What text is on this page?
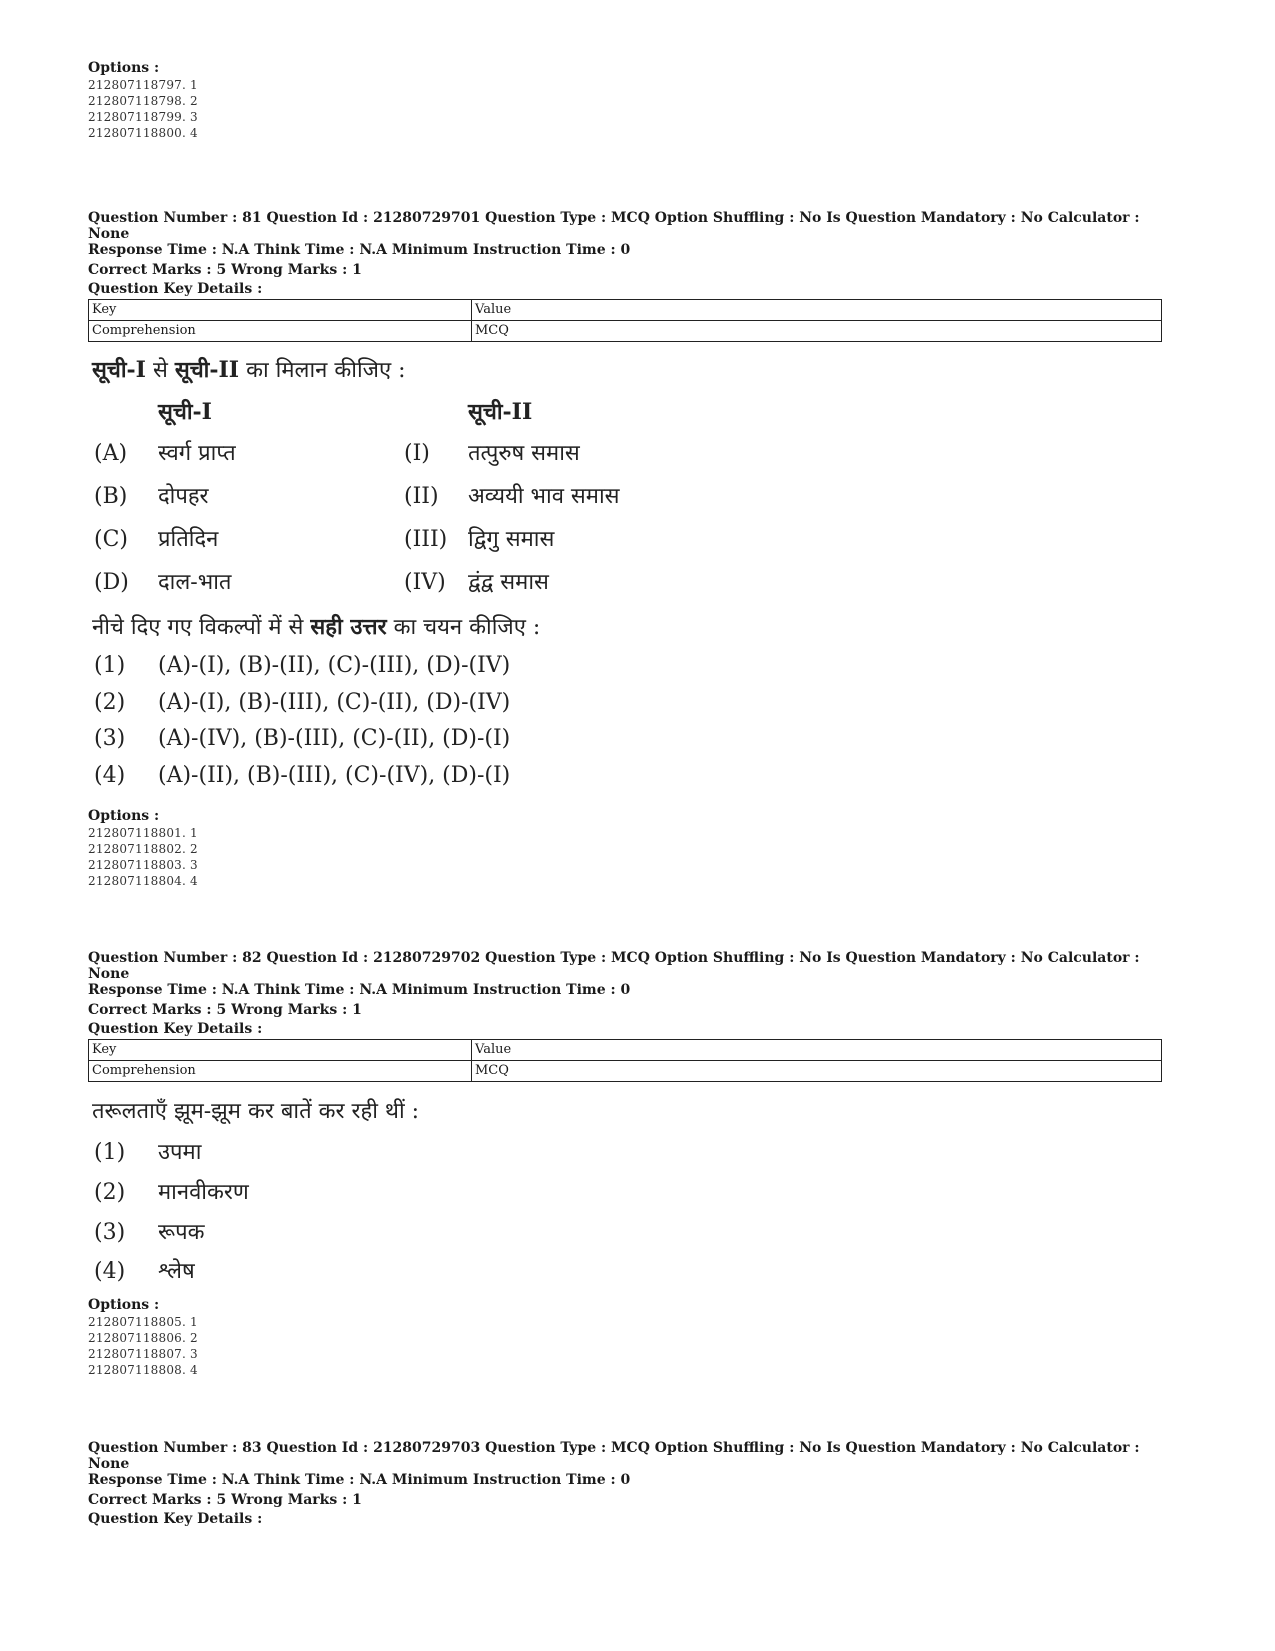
Options :
212807118797. 1
212807118798. 2
212807118799. 3
212807118800. 4
Question Number : 81 Question Id : 21280729701 Question Type : MCQ Option Shuffling : No Is Question Mandatory : No Calculator : None
Response Time : N.A Think Time : N.A Minimum Instruction Time : 0
Correct Marks : 5 Wrong Marks : 1
Question Key Details :
Key	Value
Comprehension	MCQ
सूची-I से सूची-II का मिलान कीजिए :
सूची-I	सूची-II
(A) स्वर्ग प्राप्त	(I) तत्पुरुष समास
(B) दोपहर	(II) अव्ययी भाव समास
(C) प्रतिदिन	(III) द्विगु समास
(D) दाल-भात	(IV) द्वंद्व समास
नीचे दिए गए विकल्पों में से सही उत्तर का चयन कीजिए :
(1) (A)-(I), (B)-(II), (C)-(III), (D)-(IV)
(2) (A)-(I), (B)-(III), (C)-(II), (D)-(IV)
(3) (A)-(IV), (B)-(III), (C)-(II), (D)-(I)
(4) (A)-(II), (B)-(III), (C)-(IV), (D)-(I)
Options :
212807118801. 1
212807118802. 2
212807118803. 3
212807118804. 4
Question Number : 82 Question Id : 21280729702 Question Type : MCQ Option Shuffling : No Is Question Mandatory : No Calculator : None
Response Time : N.A Think Time : N.A Minimum Instruction Time : 0
Correct Marks : 5 Wrong Marks : 1
Question Key Details :
Key	Value
Comprehension	MCQ
तरूलताएँ झूम-झूम कर बातें कर रही थीं :
(1) उपमा
(2) मानवीकरण
(3) रूपक
(4) श्लेष
Options :
212807118805. 1
212807118806. 2
212807118807. 3
212807118808. 4
Question Number : 83 Question Id : 21280729703 Question Type : MCQ Option Shuffling : No Is Question Mandatory : No Calculator : None
Response Time : N.A Think Time : N.A Minimum Instruction Time : 0
Correct Marks : 5 Wrong Marks : 1
Question Key Details :
